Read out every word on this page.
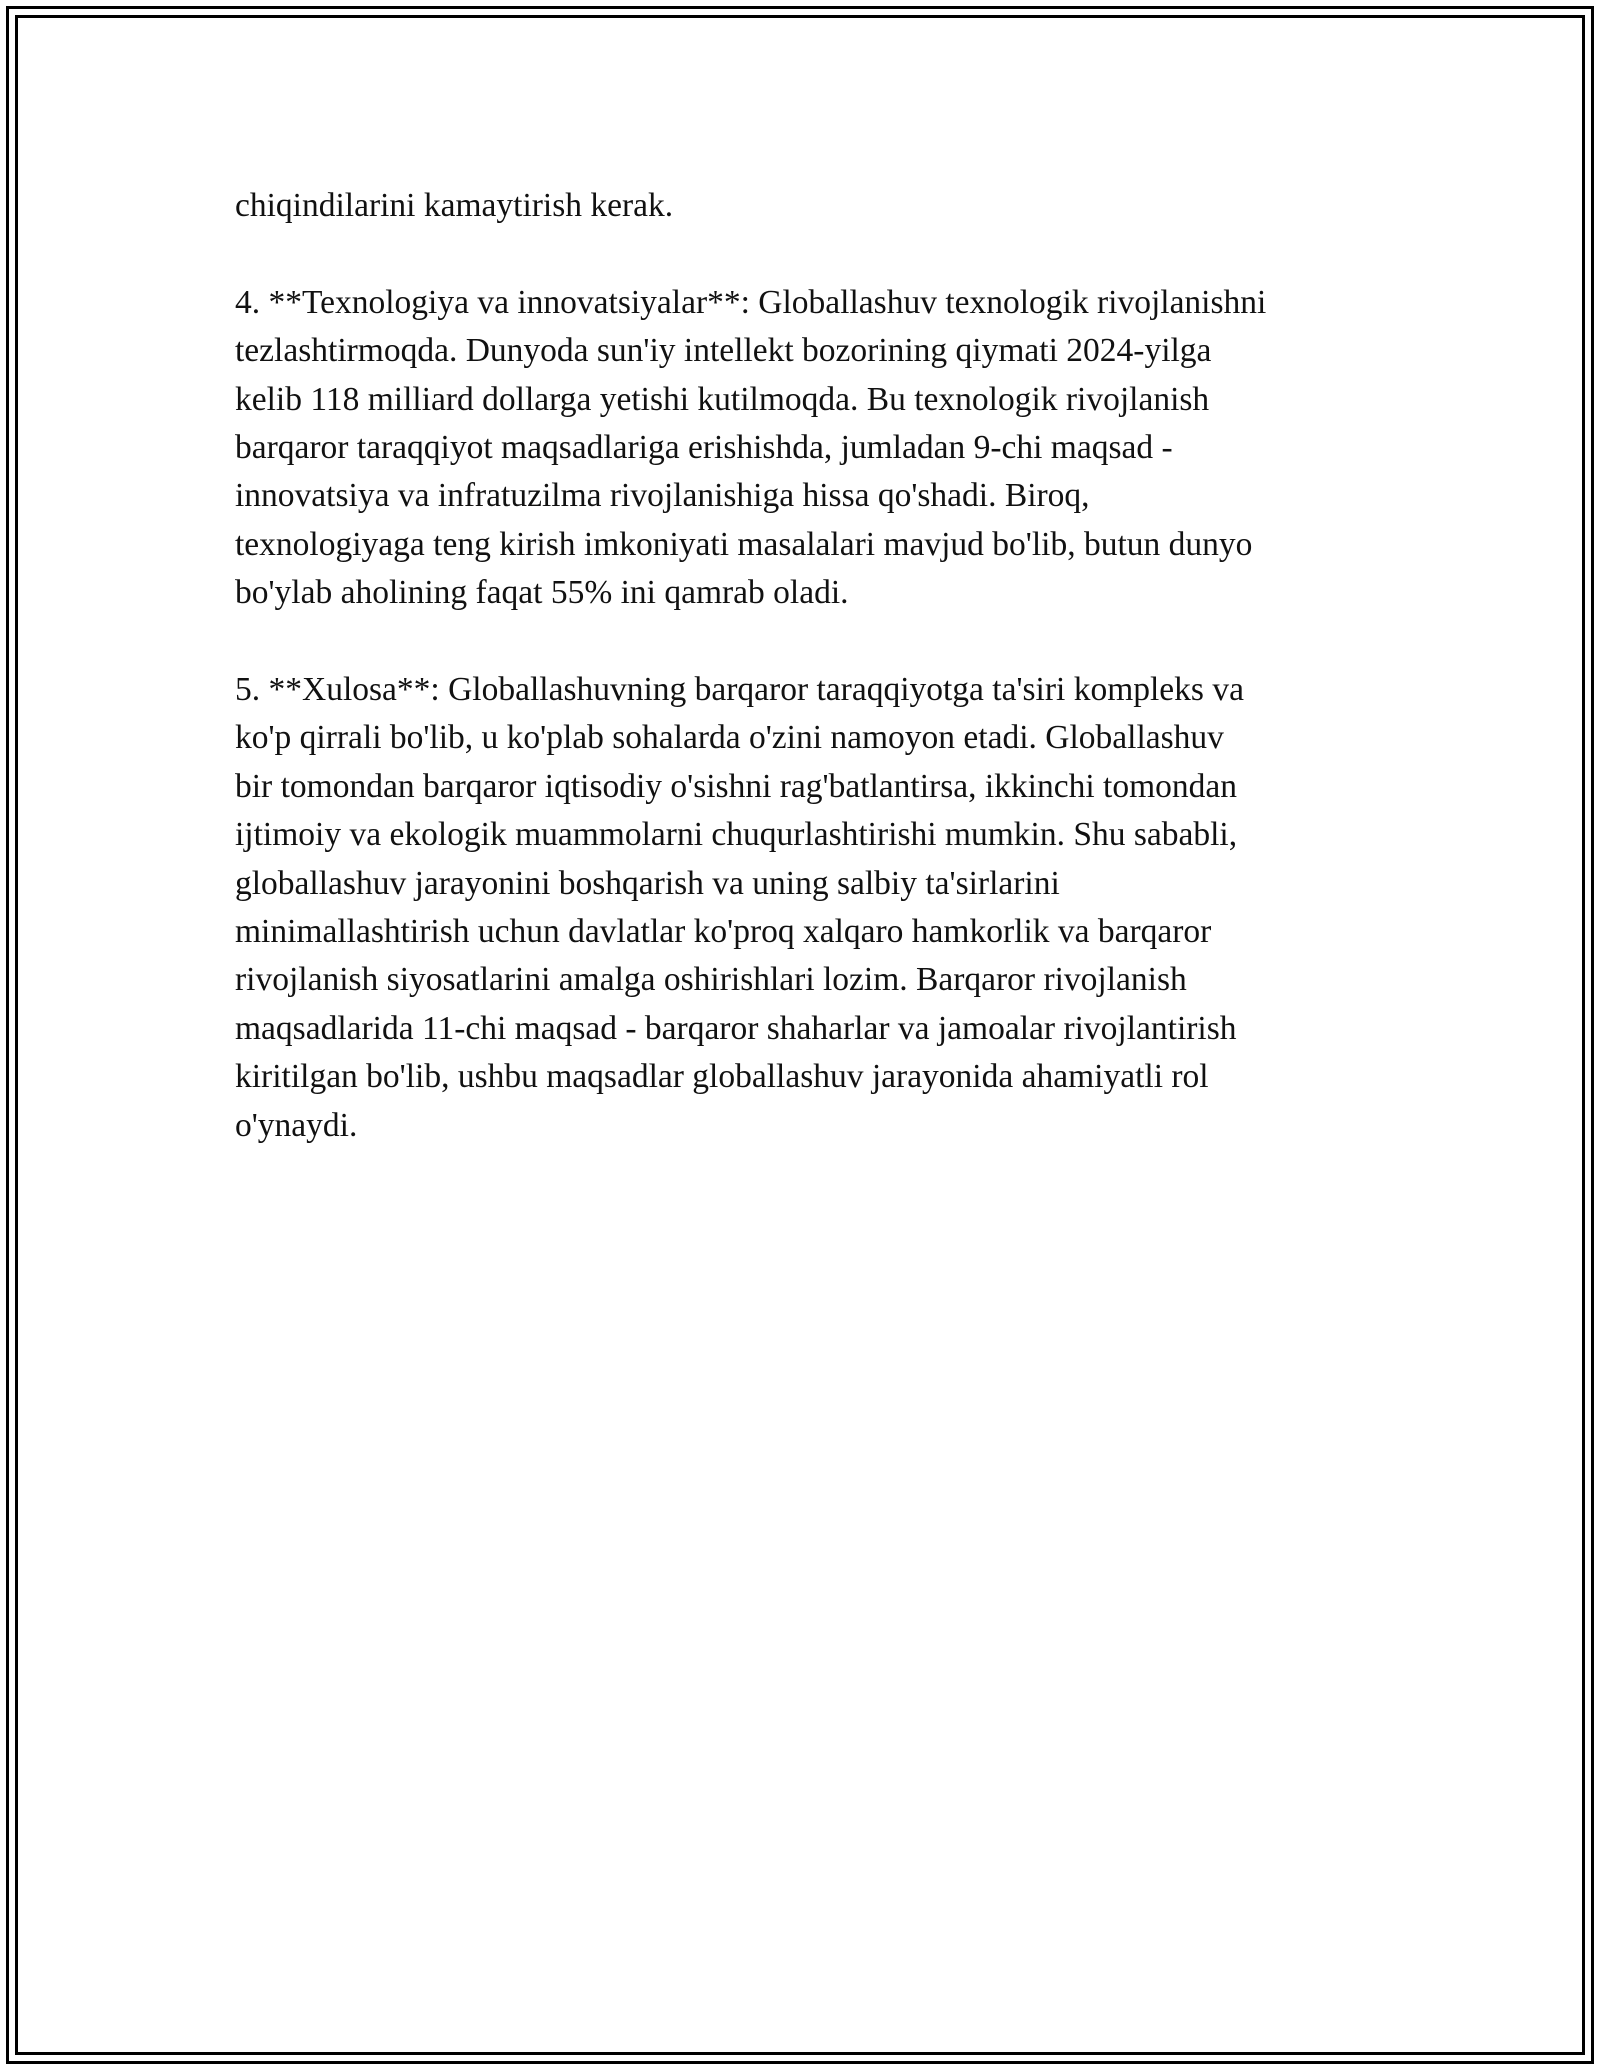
chiqindilarini kamaytirish kerak.

4. **Texnologiya va innovatsiyalar**: Globallashuv texnologik rivojlanishni
tezlashtirmoqda. Dunyoda sun'iy intellekt bozorining qiymati 2024-yilga
kelib 118 milliard dollarga yetishi kutilmoqda. Bu texnologik rivojlanish
barqaror taraqqiyot maqsadlariga erishishda, jumladan 9-chi maqsad -
innovatsiya va infratuzilma rivojlanishiga hissa qo'shadi. Biroq,
texnologiyaga teng kirish imkoniyati masalalari mavjud bo'lib, butun dunyo
bo'ylab aholining faqat 55% ini qamrab oladi.

5. **Xulosa**: Globallashuvning barqaror taraqqiyotga ta'siri kompleks va
ko'p qirrali bo'lib, u ko'plab sohalarda o'zini namoyon etadi. Globallashuv
bir tomondan barqaror iqtisodiy o'sishni rag'batlantirsa, ikkinchi tomondan
ijtimoiy va ekologik muammolarni chuqurlashtirishi mumkin. Shu sababli,
globallashuv jarayonini boshqarish va uning salbiy ta'sirlarini
minimallashtirish uchun davlatlar ko'proq xalqaro hamkorlik va barqaror
rivojlanish siyosatlarini amalga oshirishlari lozim. Barqaror rivojlanish
maqsadlarida 11-chi maqsad - barqaror shaharlar va jamoalar rivojlantirish
kiritilgan bo'lib, ushbu maqsadlar globallashuv jarayonida ahamiyatli rol
o'ynaydi.
